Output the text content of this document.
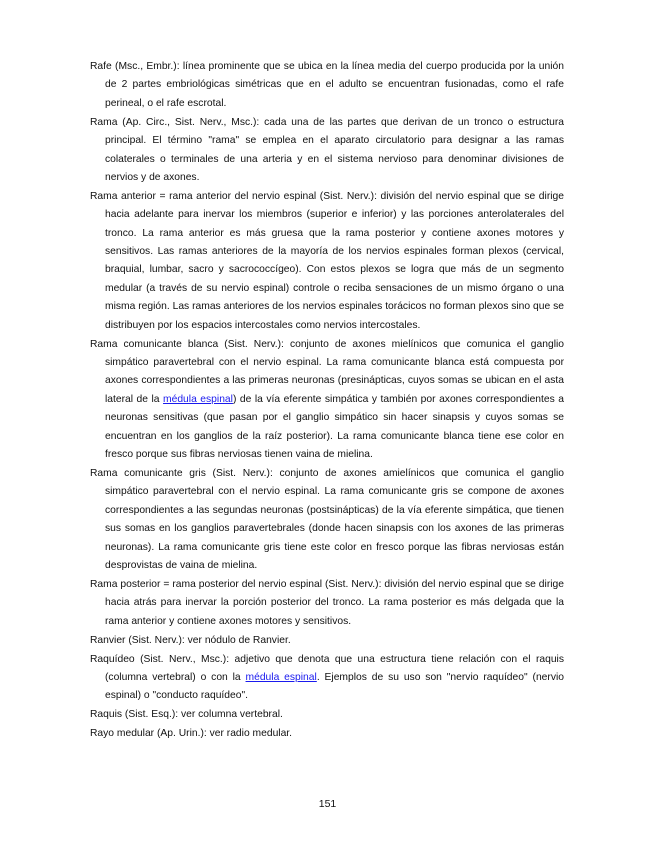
Rafe (Msc., Embr.): línea prominente que se ubica en la línea media del cuerpo producida por la unión de 2 partes embriológicas simétricas que en el adulto se encuentran fusionadas, como el rafe perineal, o el rafe escrotal.

Rama (Ap. Circ., Sist. Nerv., Msc.): cada una de las partes que derivan de un tronco o estructura principal. El término "rama" se emplea en el aparato circulatorio para designar a las ramas colaterales o terminales de una arteria y en el sistema nervioso para denominar divisiones de nervios y de axones.

Rama anterior = rama anterior del nervio espinal (Sist. Nerv.): división del nervio espinal que se dirige hacia adelante para inervar los miembros (superior e inferior) y las porciones anterolaterales del tronco. La rama anterior es más gruesa que la rama posterior y contiene axones motores y sensitivos. Las ramas anteriores de la mayoría de los nervios espinales forman plexos (cervical, braquial, lumbar, sacro y sacrococcígeo). Con estos plexos se logra que más de un segmento medular (a través de su nervio espinal) controle o reciba sensaciones de un mismo órgano o una misma región. Las ramas anteriores de los nervios espinales torácicos no forman plexos sino que se distribuyen por los espacios intercostales como nervios intercostales.

Rama comunicante blanca (Sist. Nerv.): conjunto de axones mielínicos que comunica el ganglio simpático paravertebral con el nervio espinal. La rama comunicante blanca está compuesta por axones correspondientes a las primeras neuronas (presinápticas, cuyos somas se ubican en el asta lateral de la médula espinal) de la vía eferente simpática y también por axones correspondientes a neuronas sensitivas (que pasan por el ganglio simpático sin hacer sinapsis y cuyos somas se encuentran en los ganglios de la raíz posterior). La rama comunicante blanca tiene ese color en fresco porque sus fibras nerviosas tienen vaina de mielina.

Rama comunicante gris (Sist. Nerv.): conjunto de axones amielínicos que comunica el ganglio simpático paravertebral con el nervio espinal. La rama comunicante gris se compone de axones correspondientes a las segundas neuronas (postsinápticas) de la vía eferente simpática, que tienen sus somas en los ganglios paravertebrales (donde hacen sinapsis con los axones de las primeras neuronas). La rama comunicante gris tiene este color en fresco porque las fibras nerviosas están desprovistas de vaina de mielina.

Rama posterior = rama posterior del nervio espinal (Sist. Nerv.): división del nervio espinal que se dirige hacia atrás para inervar la porción posterior del tronco. La rama posterior es más delgada que la rama anterior y contiene axones motores y sensitivos.

Ranvier (Sist. Nerv.): ver nódulo de Ranvier.

Raquídeo (Sist. Nerv., Msc.): adjetivo que denota que una estructura tiene relación con el raquis (columna vertebral) o con la médula espinal. Ejemplos de su uso son "nervio raquídeo" (nervio espinal) o "conducto raquídeo".

Raquis (Sist. Esq.): ver columna vertebral.

Rayo medular (Ap. Urin.): ver radio medular.

151
